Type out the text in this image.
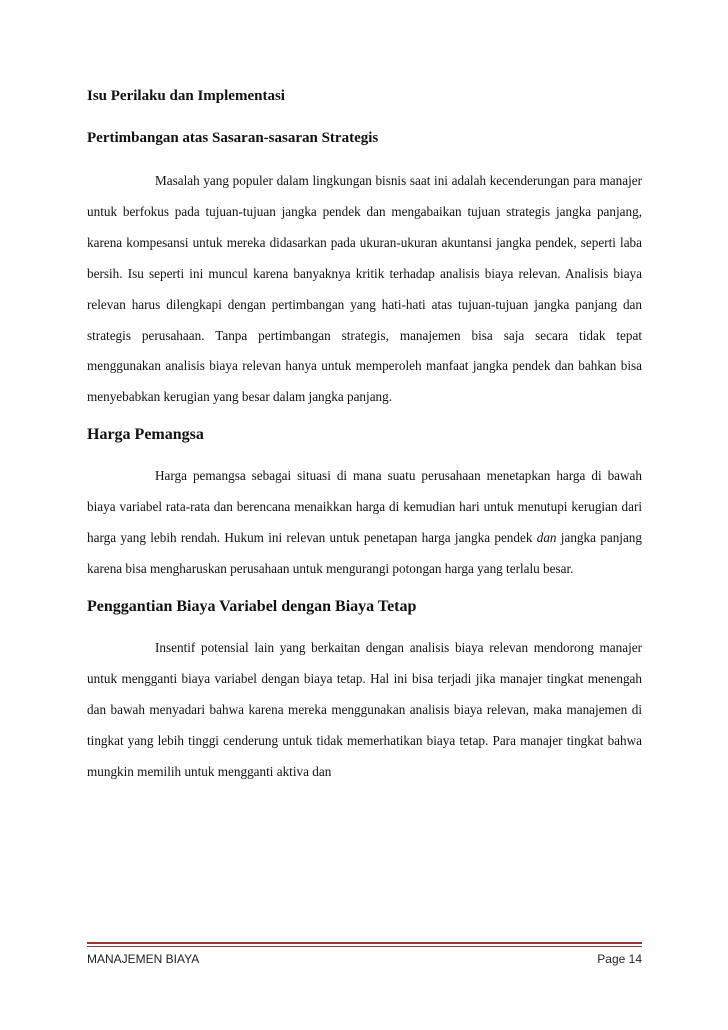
Isu Perilaku dan Implementasi
Pertimbangan atas Sasaran-sasaran Strategis

Masalah yang populer dalam lingkungan bisnis saat ini adalah kecenderungan para manajer untuk berfokus pada tujuan-tujuan jangka pendek dan mengabaikan tujuan strategis jangka panjang, karena kompesansi untuk mereka didasarkan pada ukuran-ukuran akuntansi jangka pendek, seperti laba bersih. Isu seperti ini muncul karena banyaknya kritik terhadap analisis biaya relevan. Analisis biaya relevan harus dilengkapi dengan pertimbangan yang hati-hati atas tujuan-tujuan jangka panjang dan strategis perusahaan. Tanpa pertimbangan strategis, manajemen bisa saja secara tidak tepat menggunakan analisis biaya relevan hanya untuk memperoleh manfaat jangka pendek dan bahkan bisa menyebabkan kerugian yang besar dalam jangka panjang.

Harga Pemangsa

Harga pemangsa sebagai situasi di mana suatu perusahaan menetapkan harga di bawah biaya variabel rata-rata dan berencana menaikkan harga di kemudian hari untuk menutupi kerugian dari harga yang lebih rendah. Hukum ini relevan untuk penetapan harga jangka pendek dan jangka panjang karena bisa mengharuskan perusahaan untuk mengurangi potongan harga yang terlalu besar.

Penggantian Biaya Variabel dengan Biaya Tetap

Insentif potensial lain yang berkaitan dengan analisis biaya relevan mendorong manajer untuk mengganti biaya variabel dengan biaya tetap. Hal ini bisa terjadi jika manajer tingkat menengah dan bawah menyadari bahwa karena mereka menggunakan analisis biaya relevan, maka manajemen di tingkat yang lebih tinggi cenderung untuk tidak memerhatikan biaya tetap. Para manajer tingkat bahwa mungkin memilih untuk mengganti aktiva dan

MANAJEMEN BIAYA	Page 14
